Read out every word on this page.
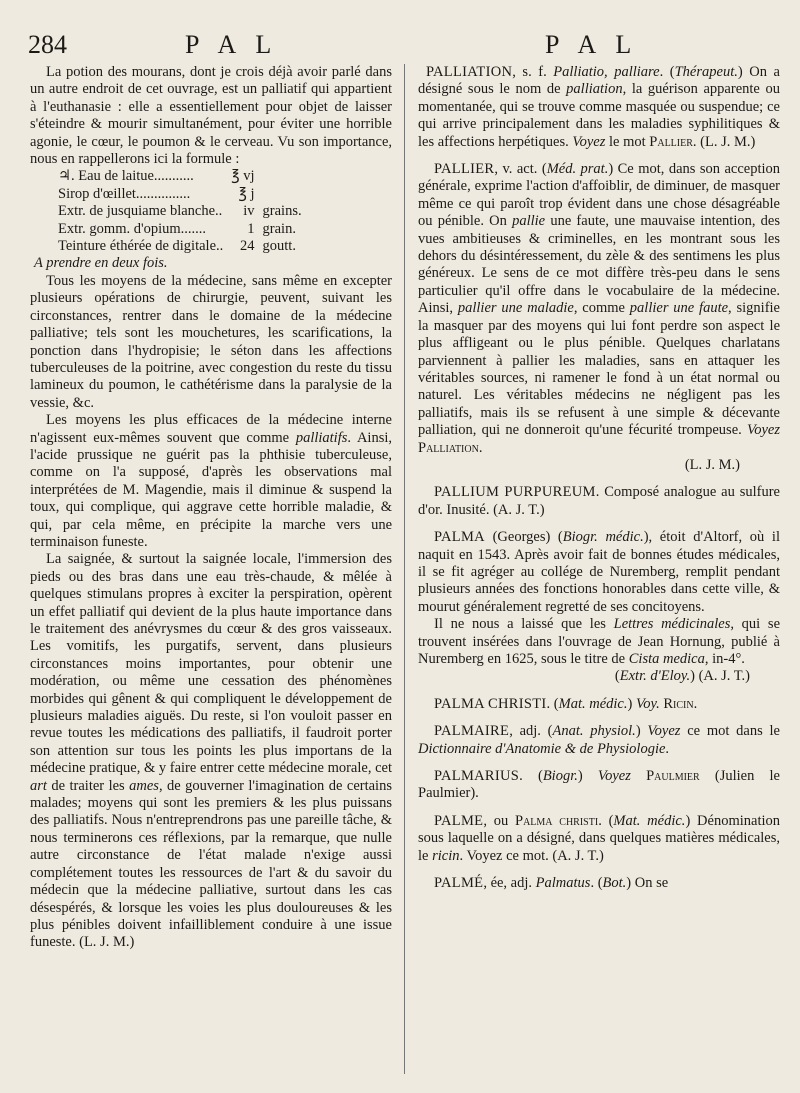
284	P A L	P A L

La potion des mourans, dont je crois déjà avoir parlé dans un autre endroit de cet ouvrage, est un palliatif qui appartient à l'euthanasie : elle a essentiellement pour objet de laisser s'éteindre & mourir simultanément, pour éviter une horrible agonie, le cœur, le poumon & le cerveau. Vu son importance, nous en rappellerons ici la formule :

♃. Eau de laitue...........	℥ vj	
Sirop d'œillet...............	℥ j	
Extr. de jusquiame blanche..	iv	grains.
Extr. gomm. d'opium.......	1	grain.
Teinture éthérée de digitale..	24	goutt.

A prendre en deux fois.

Tous les moyens de la médecine, sans même en excepter plusieurs opérations de chirurgie, peuvent, suivant les circonstances, rentrer dans le domaine de la médecine palliative; tels sont les mouchetures, les scarifications, la ponction dans l'hydropisie; le séton dans les affections tuberculeuses de la poitrine, avec congestion du reste du tissu lamineux du poumon, le cathétérisme dans la paralysie de la vessie, &c.

Les moyens les plus efficaces de la médecine interne n'agissent eux-mêmes souvent que comme palliatifs. Ainsi, l'acide prussique ne guérit pas la phthisie tuberculeuse, comme on l'a supposé, d'après les observations mal interprétées de M. Magendie, mais il diminue & suspend la toux, qui complique, qui aggrave cette horrible maladie, & qui, par cela même, en précipite la marche vers une terminaison funeste.

La saignée, & surtout la saignée locale, l'immersion des pieds ou des bras dans une eau très-chaude, & mêlée à quelques stimulans propres à exciter la perspiration, opèrent un effet palliatif qui devient de la plus haute importance dans le traitement des anévrysmes du cœur & des gros vaisseaux. Les vomitifs, les purgatifs, servent, dans plusieurs circonstances moins importantes, pour obtenir une modération, ou même une cessation des phénomènes morbides qui gênent & qui compliquent le développement de plusieurs maladies aiguës. Du reste, si l'on vouloit passer en revue toutes les médications des palliatifs, il faudroit porter son attention sur tous les points les plus importans de la médecine pratique, & y faire entrer cette médecine morale, cet art de traiter les ames, de gouverner l'imagination de certains malades; moyens qui sont les premiers & les plus puissans des palliatifs. Nous n'entreprendrons pas une pareille tâche, & nous terminerons ces réflexions, par la remarque, que nulle autre circonstance de l'état malade n'exige aussi complétement toutes les ressources de l'art & du savoir du médecin que la médecine palliative, surtout dans les cas désespérés, & lorsque les voies les plus douloureuses & les plus pénibles doivent infailliblement conduire à une issue funeste. (L. J. M.)

PALLIATION, s. f. Palliatio, palliare. (Thérapeut.) On a désigné sous le nom de palliation, la guérison apparente ou momentanée, qui se trouve comme masquée ou suspendue; ce qui arrive principalement dans les maladies syphilitiques & les affections herpétiques. Voyez le mot Pallier. (L. J. M.)

PALLIER, v. act. (Méd. prat.) Ce mot, dans son acception générale, exprime l'action d'affoiblir, de diminuer, de masquer même ce qui paroît trop évident dans une chose désagréable ou pénible. On pallie une faute, une mauvaise intention, des vues ambitieuses & criminelles, en les montrant sous les dehors du désintéressement, du zèle & des sentimens les plus généreux. Le sens de ce mot diffère très-peu dans le sens particulier qu'il offre dans le vocabulaire de la médecine. Ainsi, pallier une maladie, comme pallier une faute, signifie la masquer par des moyens qui lui font perdre son aspect le plus affligeant ou le plus pénible. Quelques charlatans parviennent à pallier les maladies, sans en attaquer les véritables sources, ni ramener le fond à un état normal ou naturel. Les véritables médecins ne négligent pas les palliatifs, mais ils se refusent à une simple & décevante palliation, qui ne donneroit qu'une fécurité trompeuse. Voyez Palliation.

(L. J. M.)

PALLIUM PURPUREUM. Composé analogue au sulfure d'or. Inusité. (A. J. T.)

PALMA (Georges) (Biogr. médic.), étoit d'Altorf, où il naquit en 1543. Après avoir fait de bonnes études médicales, il se fit agréger au collége de Nuremberg, remplit pendant plusieurs années des fonctions honorables dans cette ville, & mourut généralement regretté de ses concitoyens.

Il ne nous a laissé que les Lettres médicinales, qui se trouvent insérées dans l'ouvrage de Jean Hornung, publié à Nuremberg en 1625, sous le titre de Cista medica, in-4°.

(Extr. d'Eloy.) (A. J. T.)

PALMA CHRISTI. (Mat. médic.) Voy. Ricin.

PALMAIRE, adj. (Anat. physiol.) Voyez ce mot dans le Dictionnaire d'Anatomie & de Physiologie.

PALMARIUS. (Biogr.) Voyez Paulmier (Julien le Paulmier).

PALME, ou Palma christi. (Mat. médic.) Dénomination sous laquelle on a désigné, dans quelques matières médicales, le ricin. Voyez ce mot. (A. J. T.)

PALMÉ, ée, adj. Palmatus. (Bot.) On se
